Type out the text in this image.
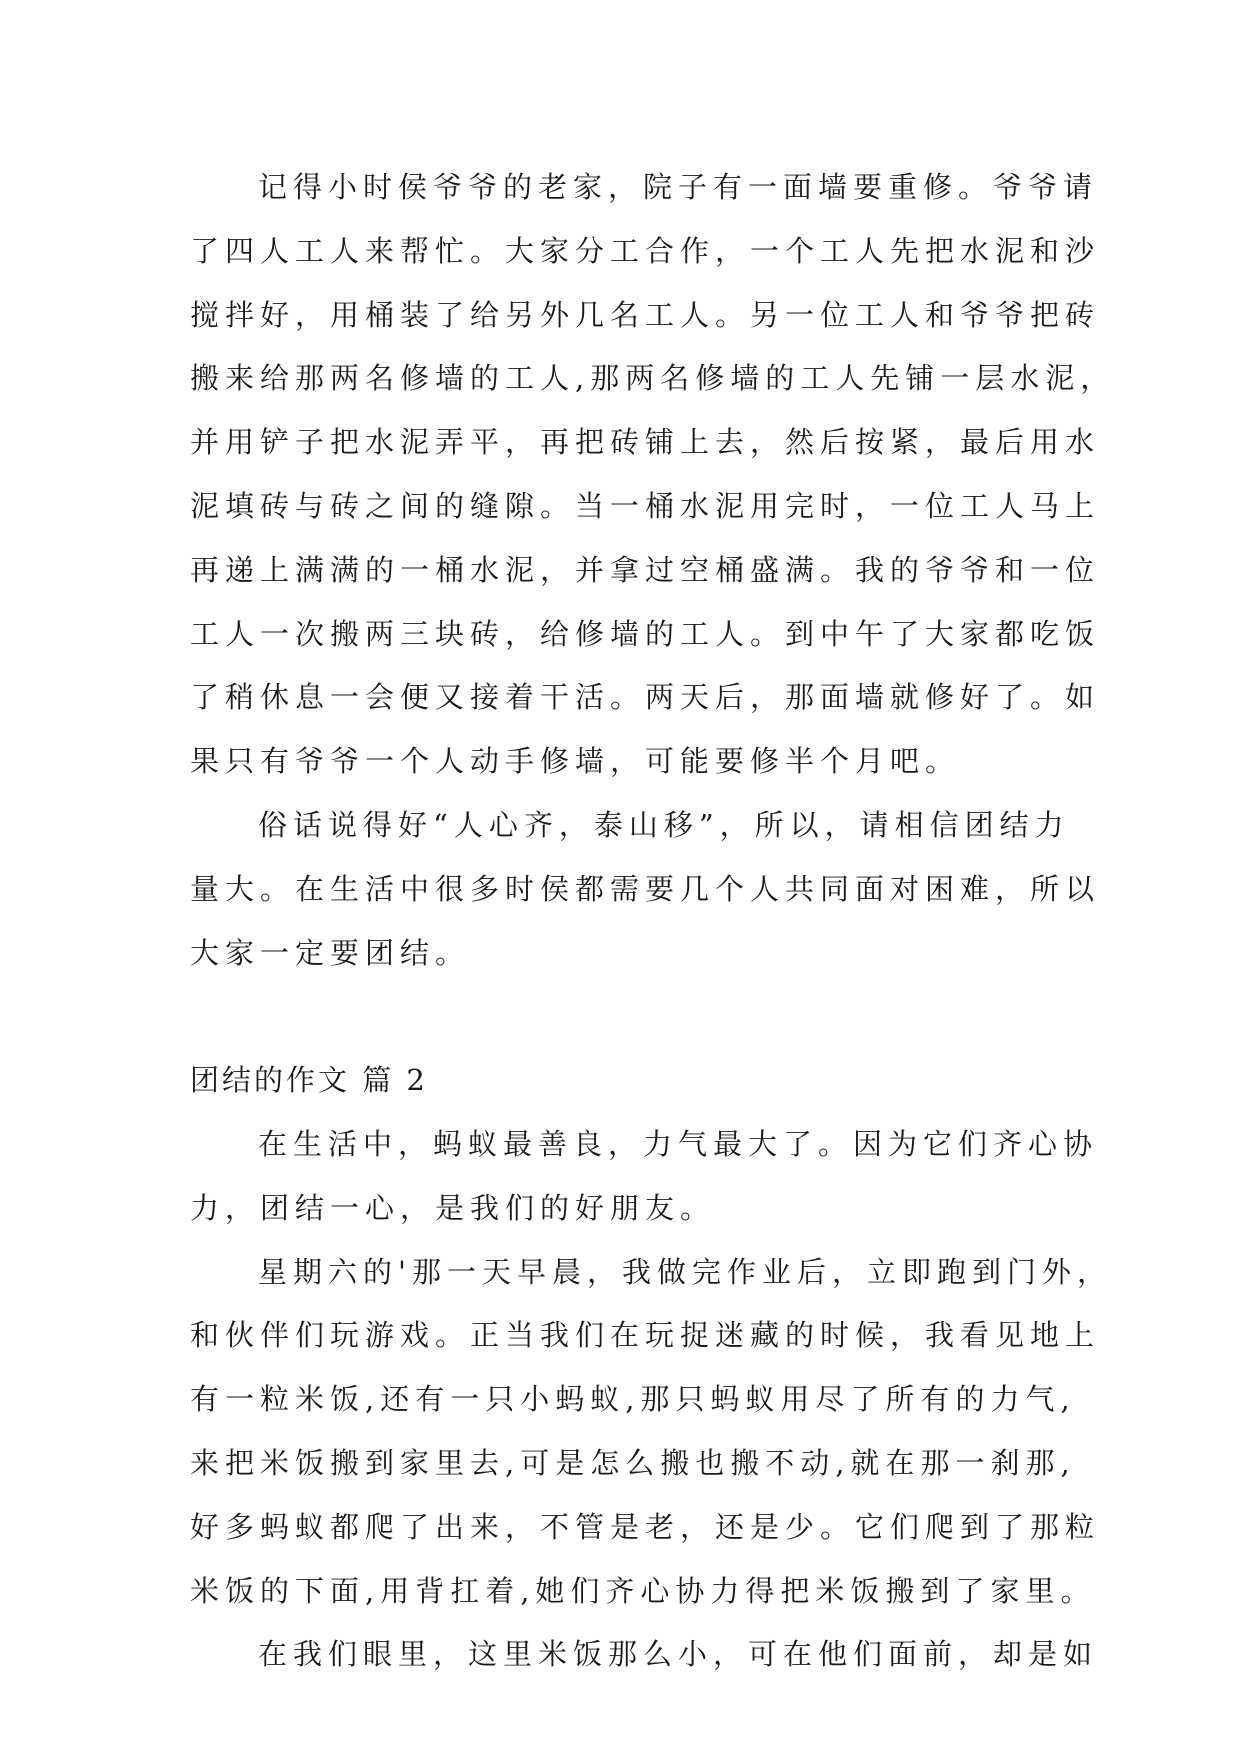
记得小时侯爷爷的老家，院子有一面墙要重修。爷爷请
了四人工人来帮忙。大家分工合作，一个工人先把水泥和沙
搅拌好，用桶装了给另外几名工人。另一位工人和爷爷把砖
搬来给那两名修墙的工人,那两名修墙的工人先铺一层水泥，
并用铲子把水泥弄平，再把砖铺上去，然后按紧，最后用水
泥填砖与砖之间的缝隙。当一桶水泥用完时，一位工人马上
再递上满满的一桶水泥，并拿过空桶盛满。我的爷爷和一位
工人一次搬两三块砖，给修墙的工人。到中午了大家都吃饭
了稍休息一会便又接着干活。两天后，那面墙就修好了。如
果只有爷爷一个人动手修墙，可能要修半个月吧。
俗话说得好“人心齐，泰山移”，所以，请相信团结力
量大。在生活中很多时侯都需要几个人共同面对困难，所以
大家一定要团结。
团结的作文 篇 2
在生活中，蚂蚁最善良，力气最大了。因为它们齐心协
力，团结一心，是我们的好朋友。
星期六的'那一天早晨，我做完作业后，立即跑到门外，
和伙伴们玩游戏。正当我们在玩捉迷藏的时候，我看见地上
有一粒米饭,还有一只小蚂蚁,那只蚂蚁用尽了所有的力气,
来把米饭搬到家里去,可是怎么搬也搬不动,就在那一刹那,
好多蚂蚁都爬了出来，不管是老，还是少。它们爬到了那粒
米饭的下面,用背扛着,她们齐心协力得把米饭搬到了家里。
在我们眼里，这里米饭那么小，可在他们面前，却是如
